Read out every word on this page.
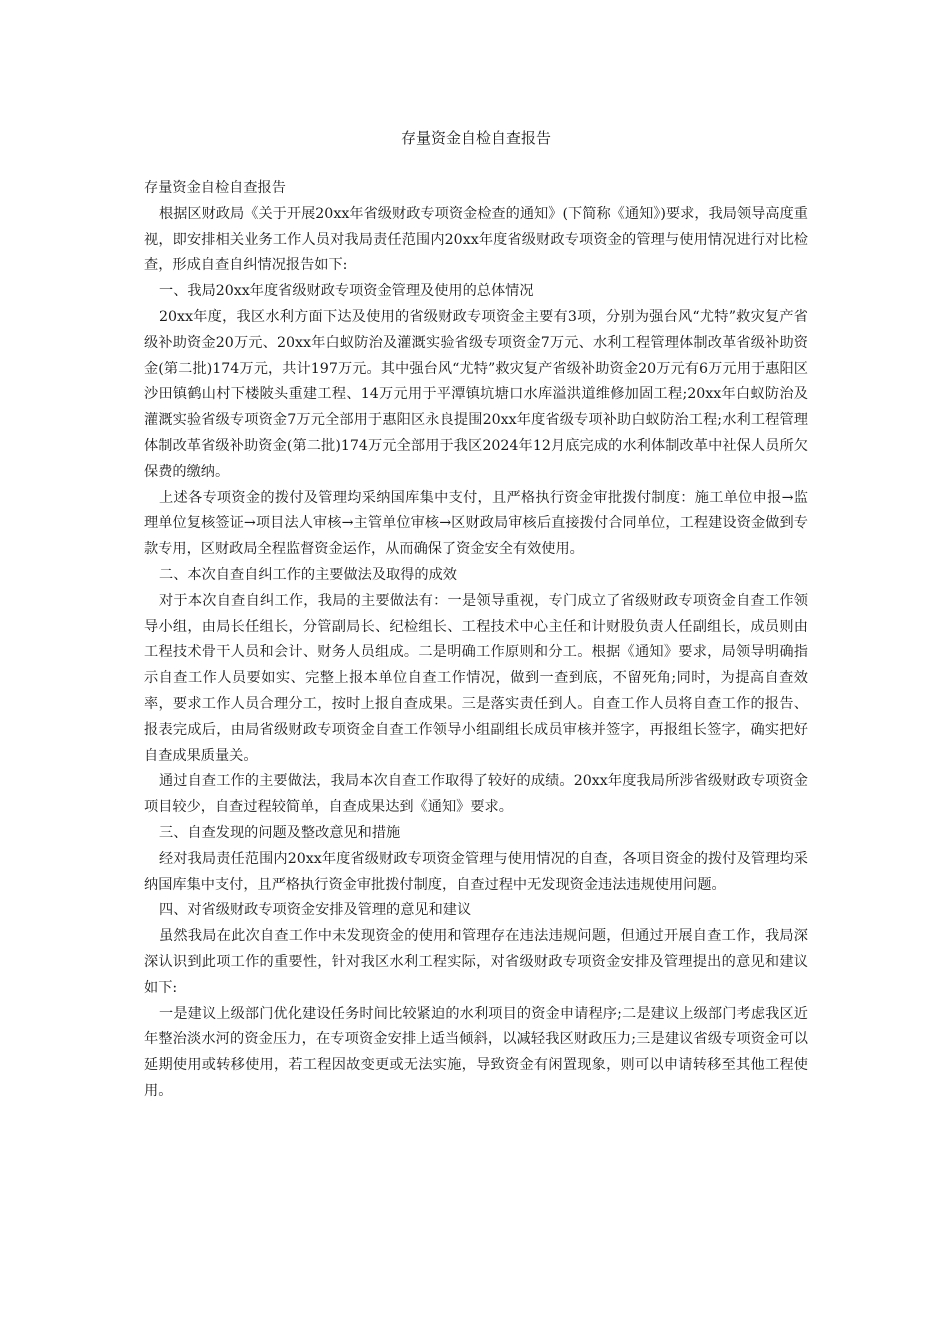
存量资金自检自查报告

存量资金自检自查报告

根据区财政局《关于开展20xx年省级财政专项资金检查的通知》(下简称《通知》)要求，我局领导高度重视，即安排相关业务工作人员对我局责任范围内20xx年度省级财政专项资金的管理与使用情况进行对比检查，形成自查自纠情况报告如下:

一、我局20xx年度省级财政专项资金管理及使用的总体情况

20xx年度，我区水利方面下达及使用的省级财政专项资金主要有3项，分别为强台风“尤特”救灾复产省级补助资金20万元、20xx年白蚁防治及灌溉实验省级专项资金7万元、水利工程管理体制改革省级补助资金(第二批)174万元，共计197万元。其中强台风“尤特”救灾复产省级补助资金20万元有6万元用于惠阳区沙田镇鹤山村下楼陂头重建工程、14万元用于平潭镇坑塘口水库溢洪道维修加固工程;20xx年白蚁防治及灌溉实验省级专项资金7万元全部用于惠阳区永良提围20xx年度省级专项补助白蚁防治工程;水利工程管理体制改革省级补助资金(第二批)174万元全部用于我区2024年12月底完成的水利体制改革中社保人员所欠保费的缴纳。

上述各专项资金的拨付及管理均采纳国库集中支付，且严格执行资金审批拨付制度：施工单位申报→监理单位复核签证→项目法人审核→主管单位审核→区财政局审核后直接拨付合同单位，工程建设资金做到专款专用，区财政局全程监督资金运作，从而确保了资金安全有效使用。

二、本次自查自纠工作的主要做法及取得的成效

对于本次自查自纠工作，我局的主要做法有：一是领导重视，专门成立了省级财政专项资金自查工作领导小组，由局长任组长，分管副局长、纪检组长、工程技术中心主任和计财股负责人任副组长，成员则由工程技术骨干人员和会计、财务人员组成。二是明确工作原则和分工。根据《通知》要求，局领导明确指示自查工作人员要如实、完整上报本单位自查工作情况，做到一查到底，不留死角;同时，为提高自查效率，要求工作人员合理分工，按时上报自查成果。三是落实责任到人。自查工作人员将自查工作的报告、报表完成后，由局省级财政专项资金自查工作领导小组副组长成员审核并签字，再报组长签字，确实把好自查成果质量关。

通过自查工作的主要做法，我局本次自查工作取得了较好的成绩。20xx年度我局所涉省级财政专项资金项目较少，自查过程较简单，自查成果达到《通知》要求。

三、自查发现的问题及整改意见和措施

经对我局责任范围内20xx年度省级财政专项资金管理与使用情况的自查，各项目资金的拨付及管理均采纳国库集中支付，且严格执行资金审批拨付制度，自查过程中无发现资金违法违规使用问题。

四、对省级财政专项资金安排及管理的意见和建议

虽然我局在此次自查工作中未发现资金的使用和管理存在违法违规问题，但通过开展自查工作，我局深深认识到此项工作的重要性，针对我区水利工程实际，对省级财政专项资金安排及管理提出的意见和建议如下:

一是建议上级部门优化建设任务时间比较紧迫的水利项目的资金申请程序;二是建议上级部门考虑我区近年整治淡水河的资金压力，在专项资金安排上适当倾斜，以减轻我区财政压力;三是建议省级专项资金可以延期使用或转移使用，若工程因故变更或无法实施，导致资金有闲置现象，则可以申请转移至其他工程使用。
